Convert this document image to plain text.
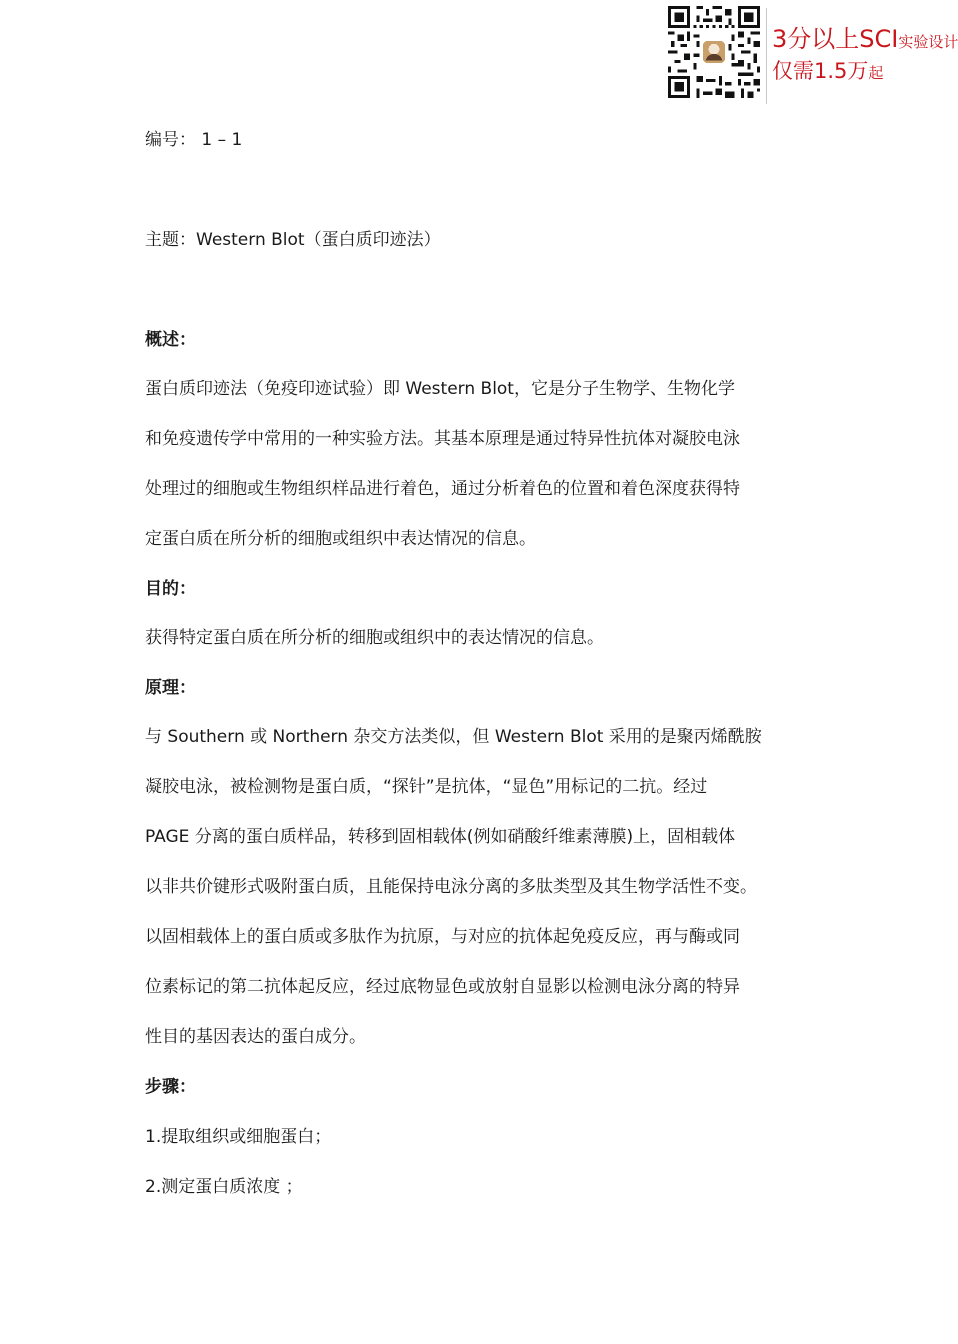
3分以上SCI实验设计
仅需1.5万起
编号： 1 – 1
主题：Western Blot（蛋白质印迹法）
概述：
蛋白质印迹法（免疫印迹试验）即 Western Blot，它是分子生物学、生物化学
和免疫遗传学中常用的一种实验方法。其基本原理是通过特异性抗体对凝胶电泳
处理过的细胞或生物组织样品进行着色，通过分析着色的位置和着色深度获得特
定蛋白质在所分析的细胞或组织中表达情况的信息。
目的：
获得特定蛋白质在所分析的细胞或组织中的表达情况的信息。
原理：
与 Southern 或 Northern 杂交方法类似，但 Western Blot 采用的是聚丙烯酰胺
凝胶电泳，被检测物是蛋白质，“探针”是抗体，“显色”用标记的二抗。经过
PAGE 分离的蛋白质样品，转移到固相载体(例如硝酸纤维素薄膜)上，固相载体
以非共价键形式吸附蛋白质，且能保持电泳分离的多肽类型及其生物学活性不变。
以固相载体上的蛋白质或多肽作为抗原，与对应的抗体起免疫反应，再与酶或同
位素标记的第二抗体起反应，经过底物显色或放射自显影以检测电泳分离的特异
性目的基因表达的蛋白成分。
步骤：
1.提取组织或细胞蛋白；
2.测定蛋白质浓度 ；
